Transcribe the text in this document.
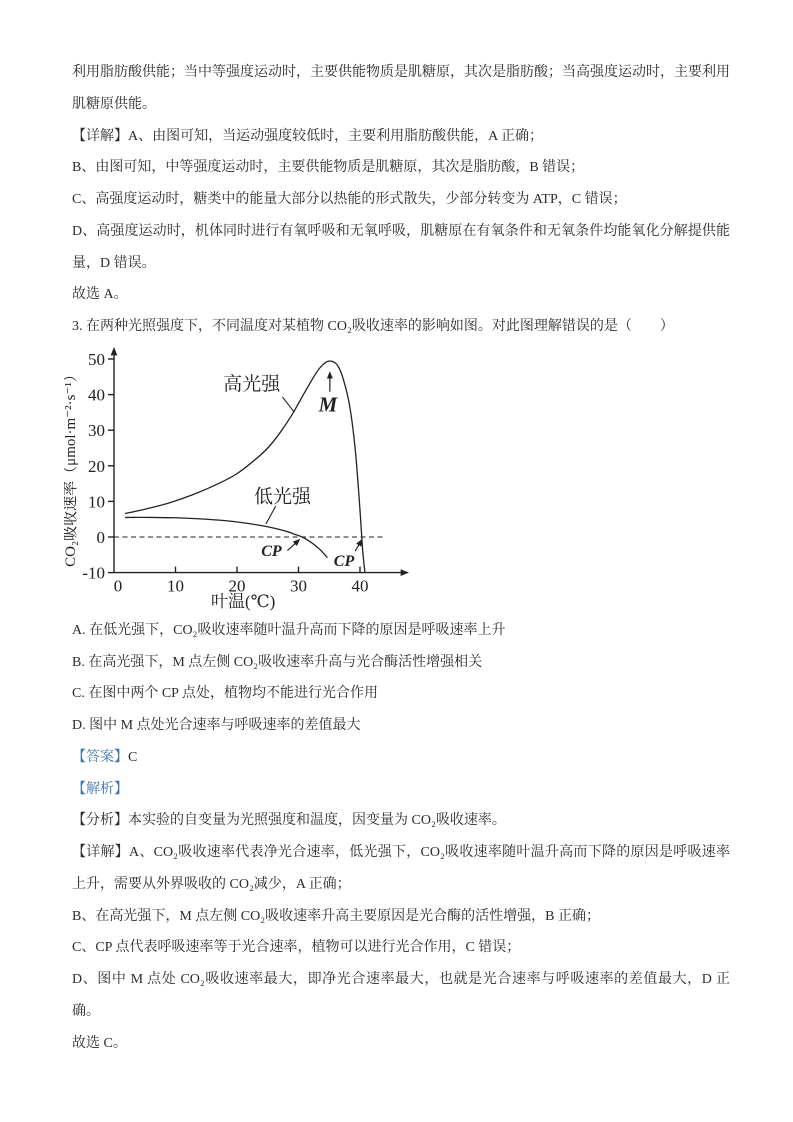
利用脂肪酸供能；当中等强度运动时，主要供能物质是肌糖原，其次是脂肪酸；当高强度运动时，主要利用肌糖原供能。

【详解】A、由图可知，当运动强度较低时，主要利用脂肪酸供能，A 正确；

B、由图可知，中等强度运动时，主要供能物质是肌糖原，其次是脂肪酸，B 错误；

C、高强度运动时，糖类中的能量大部分以热能的形式散失，少部分转变为 ATP，C 错误；

D、高强度运动时，机体同时进行有氧呼吸和无氧呼吸，肌糖原在有氧条件和无氧条件均能氧化分解提供能量，D 错误。

故选 A。

3. 在两种光照强度下，不同温度对某植物 CO₂吸收速率的影响如图。对此图理解错误的是（　　）

-10
0
10
20
30
40
50
0	10	20	30	40
高光强
M
低光强
CP
CP
叶温(℃)
CO₂吸收速率（μmol·m⁻²·s⁻¹）

A. 在低光强下，CO₂吸收速率随叶温升高而下降的原因是呼吸速率上升

B. 在高光强下，M 点左侧 CO₂吸收速率升高与光合酶活性增强相关

C. 在图中两个 CP 点处，植物均不能进行光合作用

D. 图中 M 点处光合速率与呼吸速率的差值最大

【答案】C

【解析】

【分析】本实验的自变量为光照强度和温度，因变量为 CO₂吸收速率。

【详解】A、CO₂吸收速率代表净光合速率，低光强下，CO₂吸收速率随叶温升高而下降的原因是呼吸速率上升，需要从外界吸收的 CO₂减少，A 正确；

B、在高光强下，M 点左侧 CO₂吸收速率升高主要原因是光合酶的活性增强，B 正确；

C、CP 点代表呼吸速率等于光合速率，植物可以进行光合作用，C 错误；

D、图中 M 点处 CO₂吸收速率最大，即净光合速率最大，也就是光合速率与呼吸速率的差值最大，D 正确。

故选 C。
